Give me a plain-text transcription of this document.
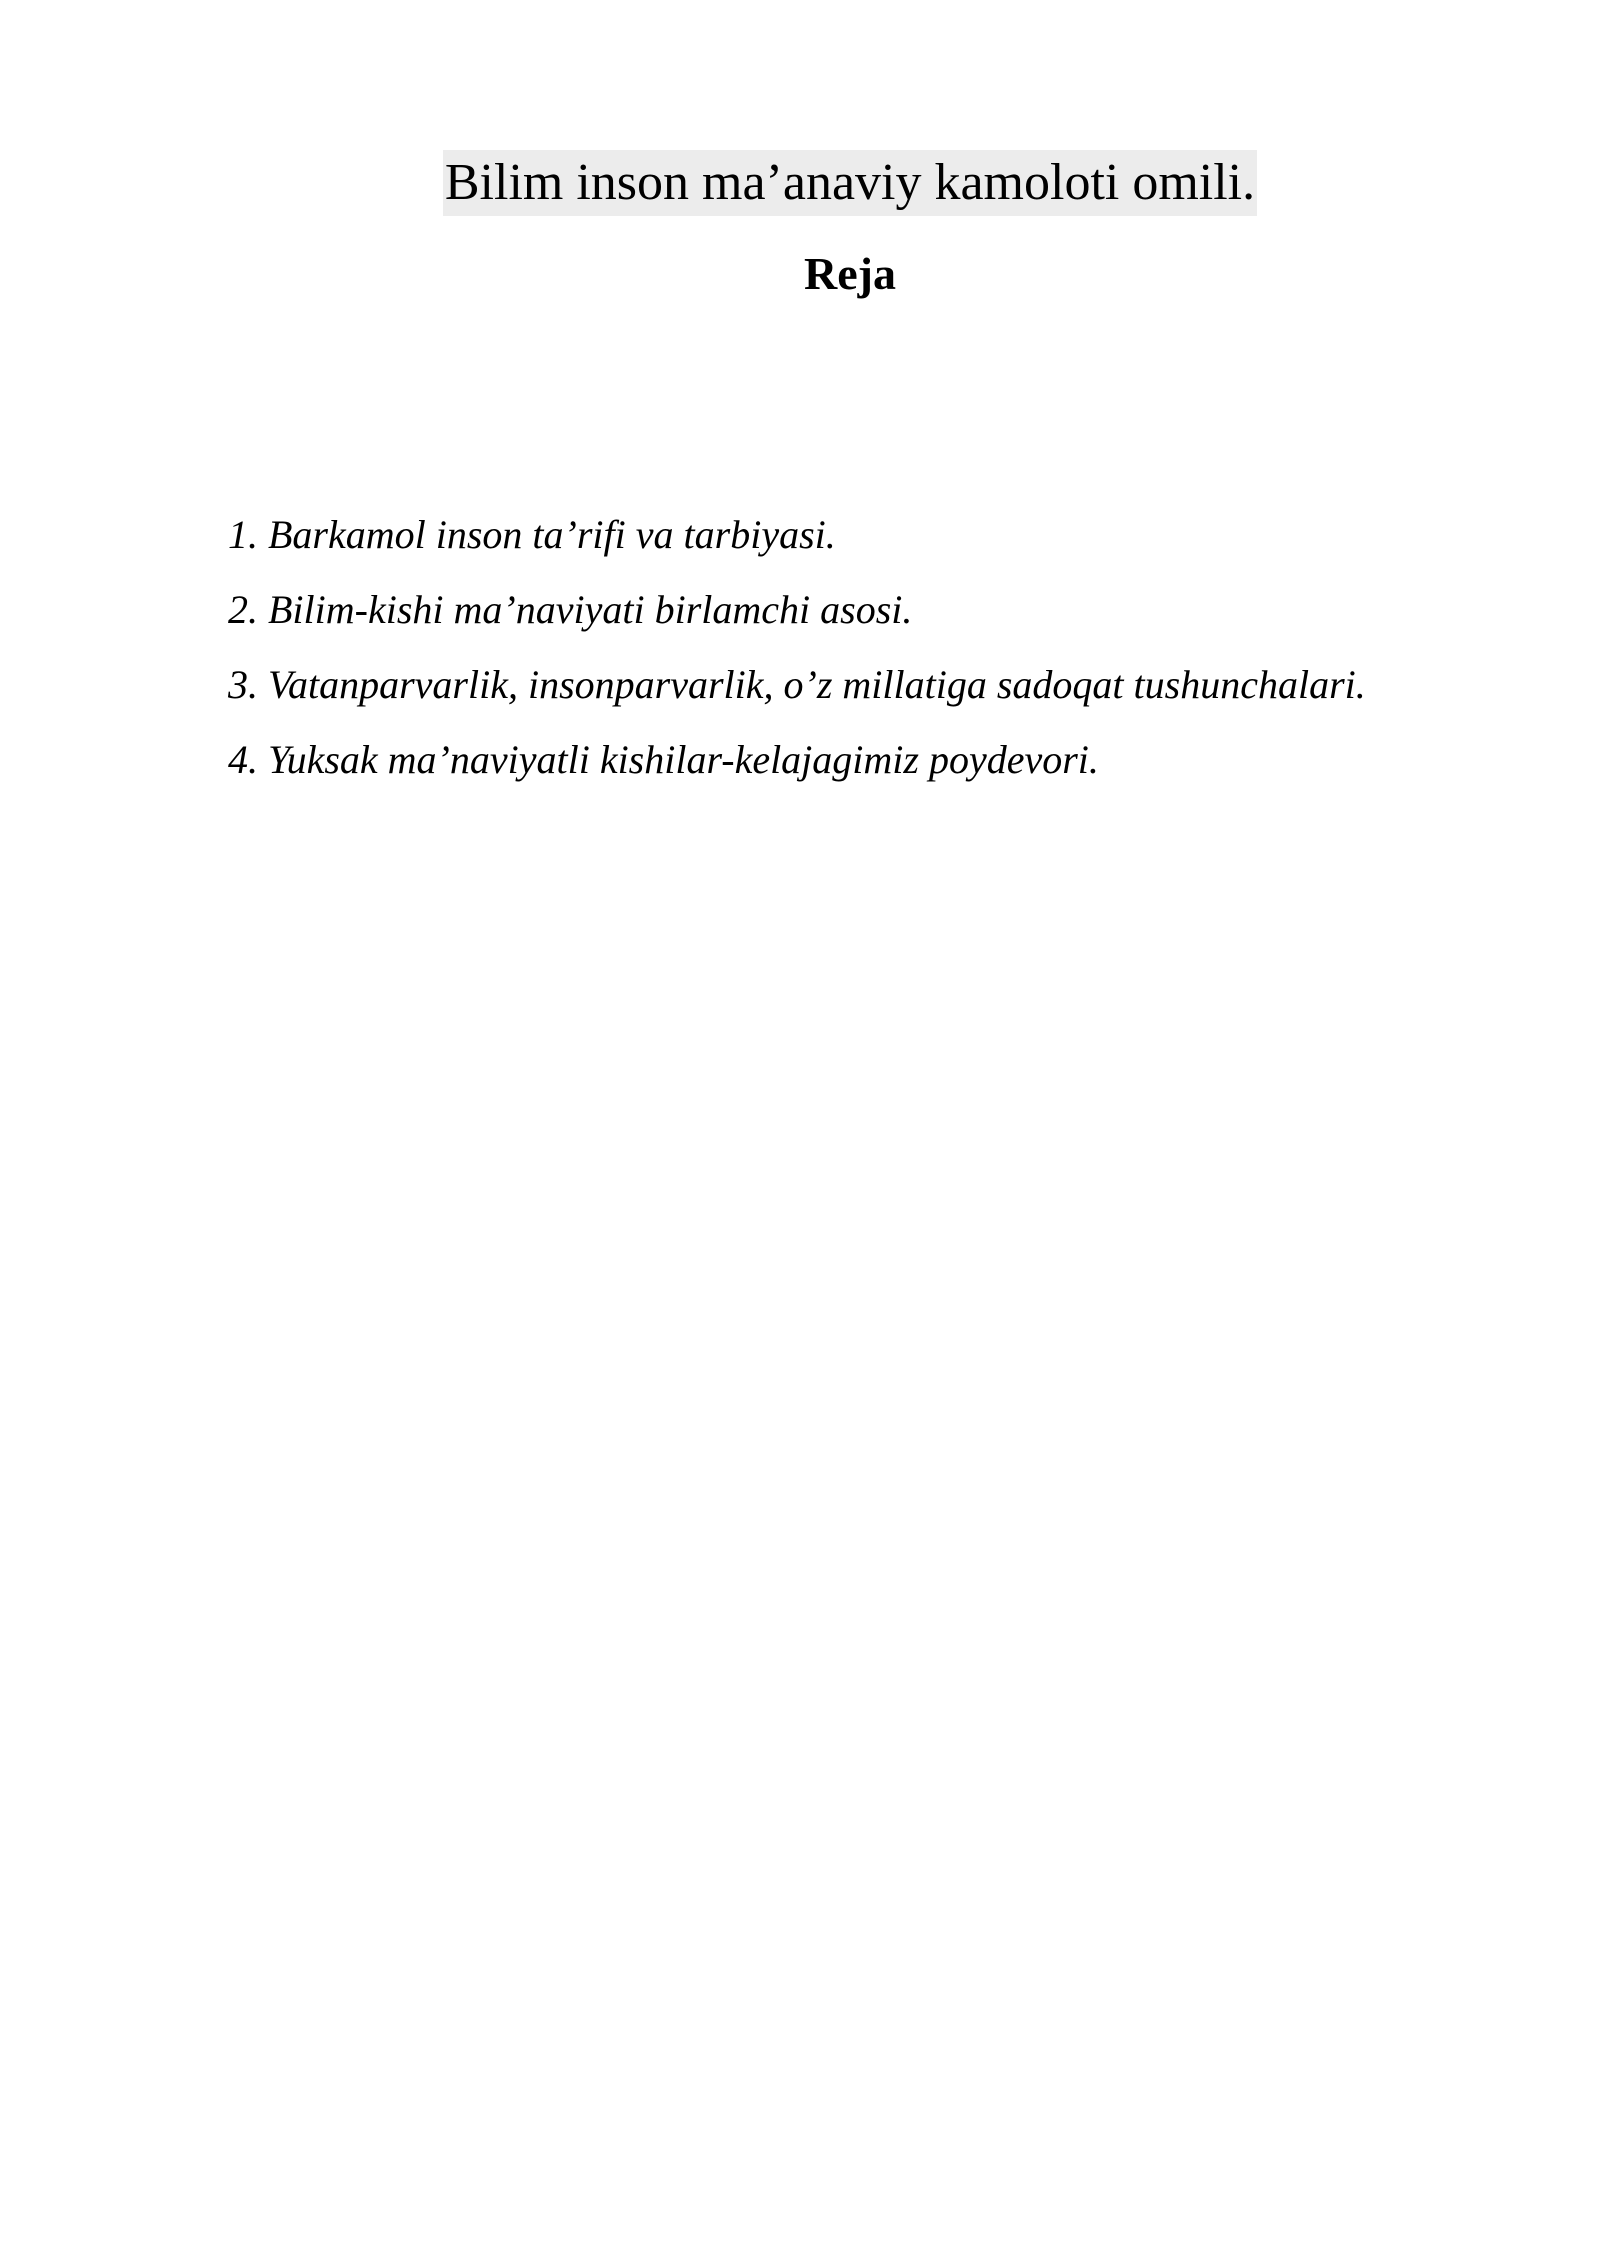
Bilim inson ma’anaviy kamoloti omili.
Reja
1. Barkamol inson ta’rifi va tarbiyasi.
2. Bilim-kishi ma’naviyati birlamchi asosi.
3. Vatanparvarlik, insonparvarlik, o’z millatiga sadoqat tushunchalari.
4. Yuksak ma’naviyatli kishilar-kelajagimiz poydevori.
